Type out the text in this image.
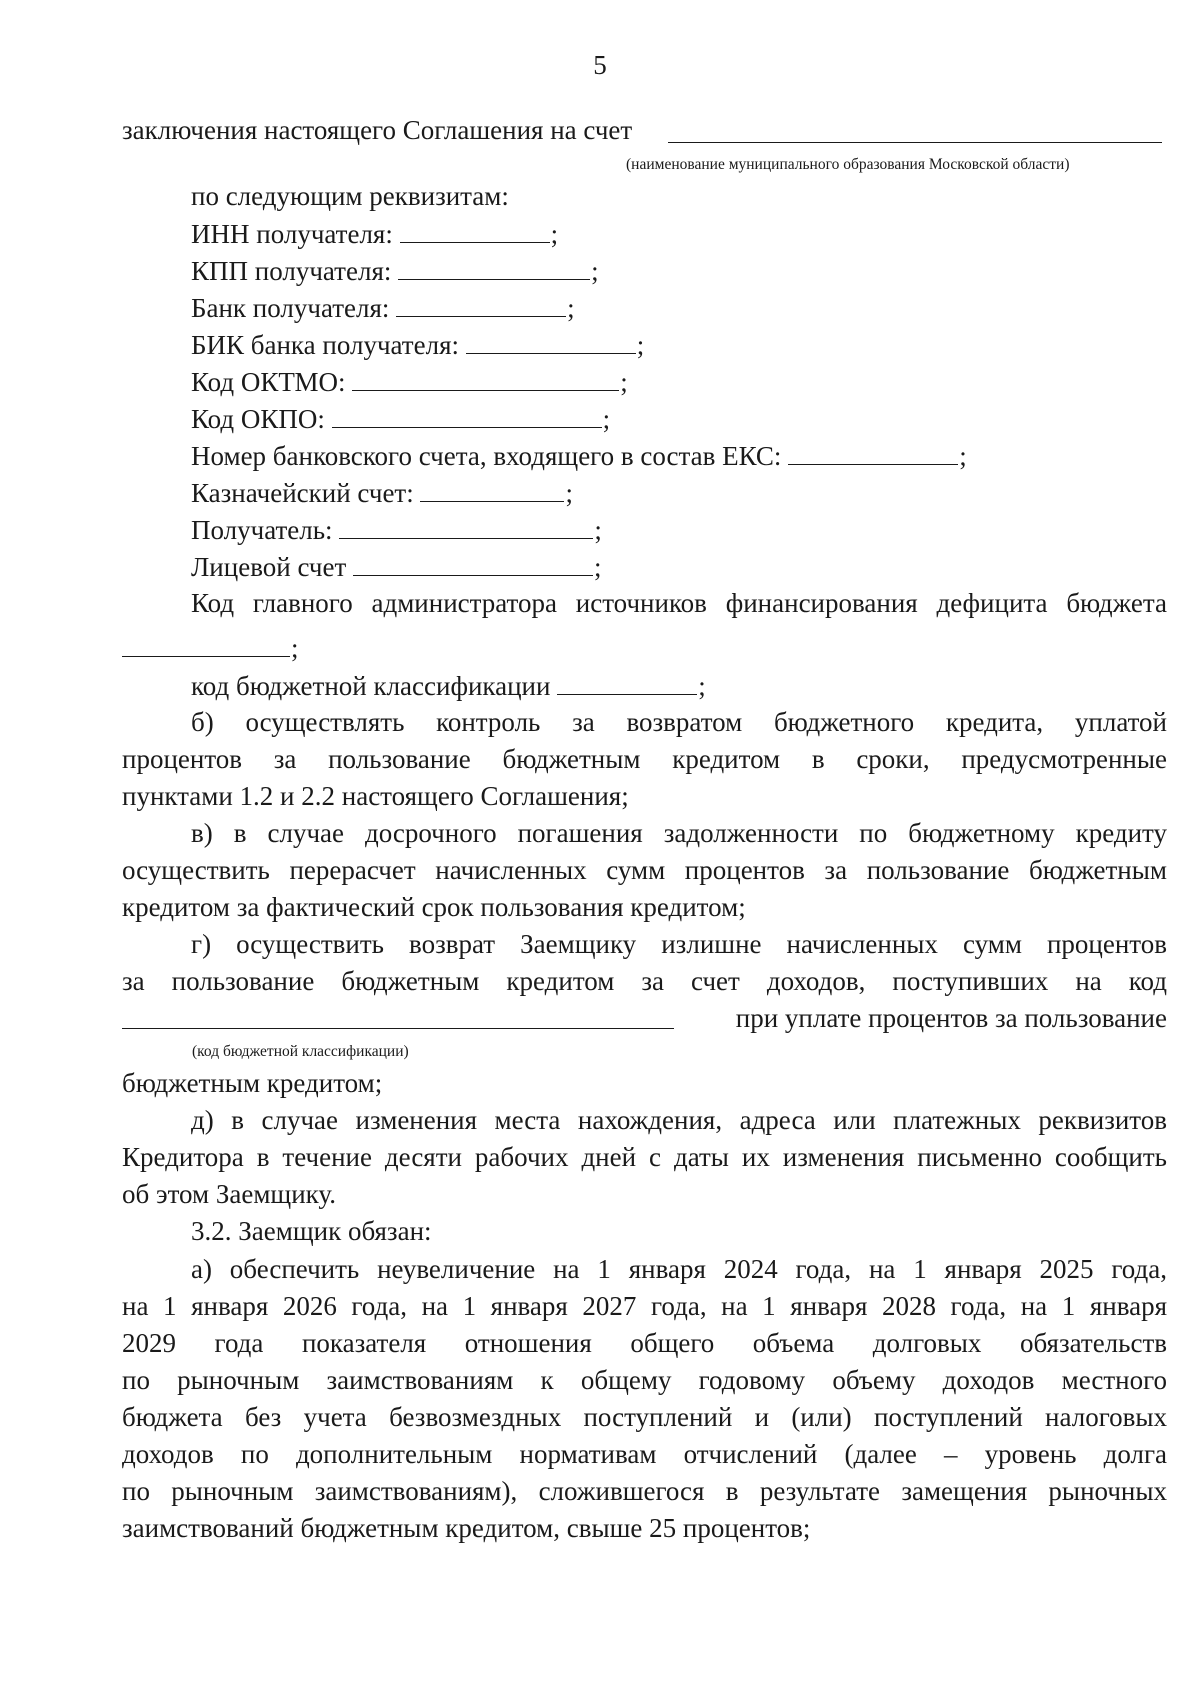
5
заключения настоящего Соглашения на счет
(наименование муниципального образования Московской области)
по следующим реквизитам:
ИНН получателя:	;
КПП получателя:	;
Банк получателя:	;
БИК банка получателя:	;
Код ОКТМО:	;
Код ОКПО:	;
Номер банковского счета, входящего в состав ЕКС:	;
Казначейский счет:	;
Получатель:	;
Лицевой счет	;
Код главного администратора источников финансирования дефицита бюджета
;
код бюджетной классификации	;
б) осуществлять контроль за возвратом бюджетного кредита, уплатой
процентов за пользование бюджетным кредитом в сроки, предусмотренные
пунктами 1.2 и 2.2 настоящего Соглашения;
в) в случае досрочного погашения задолженности по бюджетному кредиту
осуществить перерасчет начисленных сумм процентов за пользование бюджетным
кредитом за фактический срок пользования кредитом;
г) осуществить возврат Заемщику излишне начисленных сумм процентов
за пользование бюджетным кредитом за счет доходов, поступивших на код
при уплате процентов за пользование
(код бюджетной классификации)
бюджетным кредитом;
д) в случае изменения места нахождения, адреса или платежных реквизитов
Кредитора в течение десяти рабочих дней с даты их изменения письменно сообщить
об этом Заемщику.
3.2. Заемщик обязан:
а) обеспечить неувеличение на 1 января 2024 года, на 1 января 2025 года,
на 1 января 2026 года, на 1 января 2027 года, на 1 января 2028 года, на 1 января
2029 года показателя отношения общего объема долговых обязательств
по рыночным заимствованиям к общему годовому объему доходов местного
бюджета без учета безвозмездных поступлений и (или) поступлений налоговых
доходов по дополнительным нормативам отчислений (далее – уровень долга
по рыночным заимствованиям), сложившегося в результате замещения рыночных
заимствований бюджетным кредитом, свыше 25 процентов;
